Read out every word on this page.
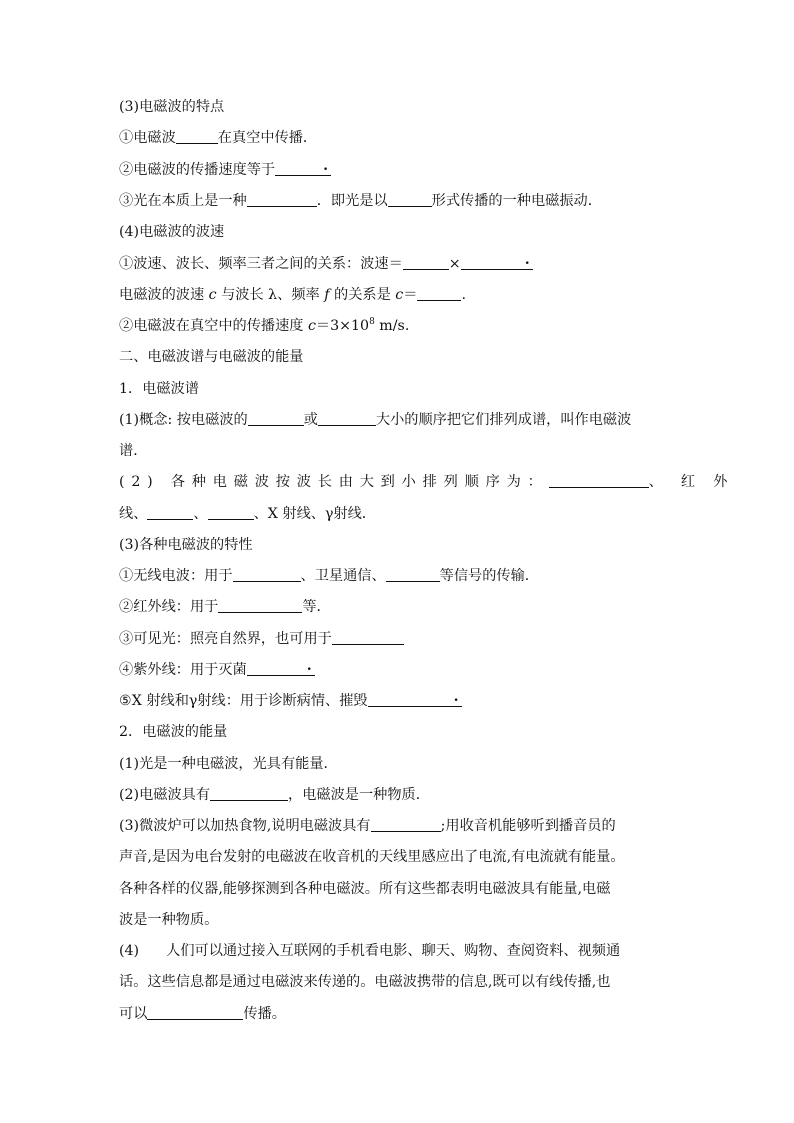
(3)电磁波的特点
①电磁波	在真空中传播．
②电磁波的传播速度等于.
③光在本质上是一种	．即光是以	形式传播的一种电磁振动．
(4)电磁波的波速
①波速、波长、频率三者之间的关系：波速＝	×.
电磁波的波速 c 与波长 λ、频率 f 的关系是 c＝	.
②电磁波在真空中的传播速度 $c=3\times 10^8$ m/s.
二、电磁波谱与电磁波的能量
1．电磁波谱
(1)概念: 按电磁波的	或	大小的顺序把它们排列成谱，叫作电磁波
谱．
(2) 各种电磁波按波长由大到小排列顺序为：	、 红 外
线、	、	、X 射线、γ射线．
(3)各种电磁波的特性
①无线电波：用于	、卫星通信、	等信号的传输．
②红外线：用于	等．
③可见光：照亮自然界，也可用于
④紫外线：用于灭菌.
⑤X 射线和γ射线：用于诊断病情、摧毁.
2．电磁波的能量
(1)光是一种电磁波，光具有能量．
(2)电磁波具有	，电磁波是一种物质．
(3)微波炉可以加热食物,说明电磁波具有	;用收音机能够听到播音员的
声音,是因为电台发射的电磁波在收音机的天线里感应出了电流,有电流就有能量。
各种各样的仪器,能够探测到各种电磁波。所有这些都表明电磁波具有能量,电磁
波是一种物质。
(4)      人们可以通过接入互联网的手机看电影、聊天、购物、查阅资料、视频通
话。这些信息都是通过电磁波来传递的。电磁波携带的信息,既可以有线传播,也
可以	传播。
